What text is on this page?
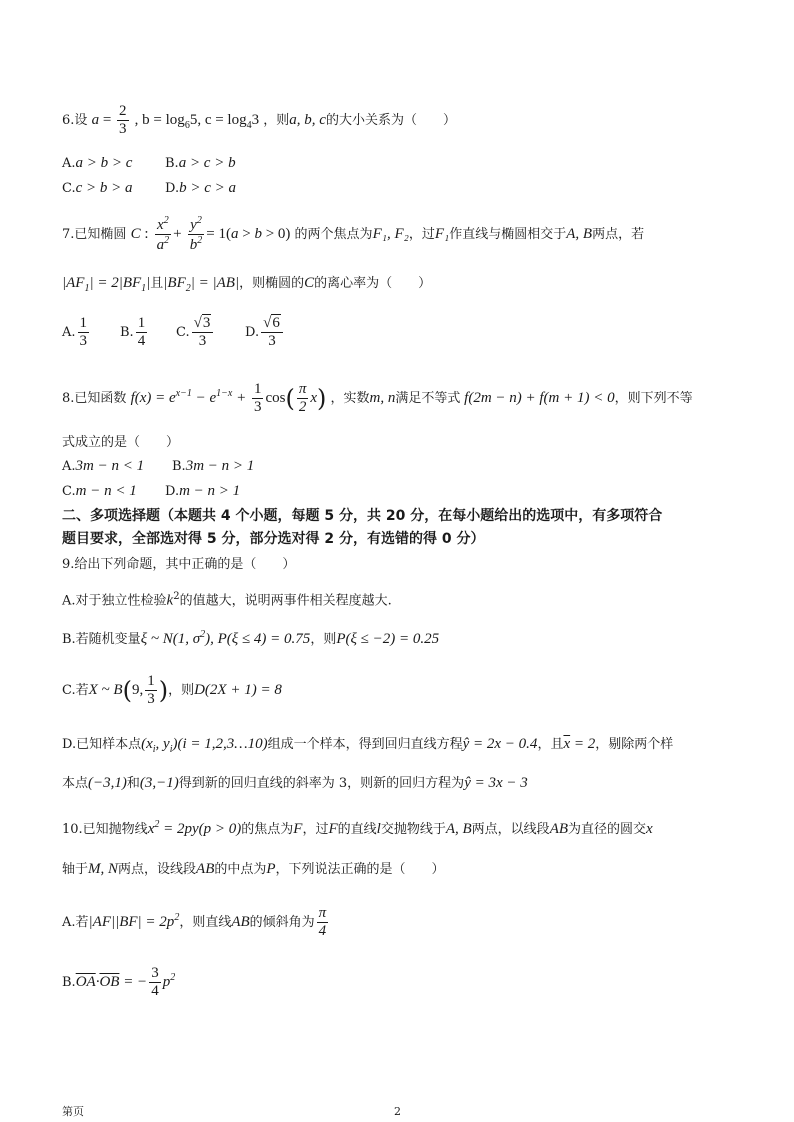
6.设 $a = \frac{2}{3}$ , $b = \log_65$, $c = \log_43$ ，则a, b, c的大小关系为（　　）
A.a > b > c	B.a > c > b
C.c > b > a D.b > c > a
7.已知椭圆 C : $\frac{x^2}{a^2} + \frac{y^2}{b^2} = 1(a > b > 0)$ 的两个焦点为F₁, F₂，过F₁作直线与椭圆相交于A, B两点，若
$|AF_1| = 2|BF_1|$且$|BF_2| = |AB|$，则椭圆的C的离心率为（　　）
A. $\frac{1}{3} B$. $\frac{1}{4} C$. $\frac{√3}{3} D$. $\frac{√6}{3}$
8.已知函数 $f(x) = e^{x-1} - e^{1-x} + \frac{1}{3} \cos( \frac{\pi}{2} x)$ ，实数m, n满足不等式 f(2m − n) + f(m + 1) < 0，则下列不等
式成立的是（　　）
A.3m − n < 1 B.3m − n > 1
C.m − n < 1 D.m − n > 1
二、多项选择题（本题共 4 个小题，每题 5 分，共 20 分，在每小题给出的选项中，有多项符合
题目要求，全部选对得 5 分，部分选对得 2 分，有选错的得 0 分）
9.给出下列命题，其中正确的是（　　）
A.对于独立性检验$k^2$的值越大，说明两事件相关程度越大.
B.若随机变量ξ ~ N(1, $\sigma^2$), P(ξ ≤ 4) = 0.75，则P(ξ ≤ −2) = 0.25
C.若X ~ B(9, $\frac{1}{3}$ )，则D(2X + 1) = 8
D.已知样本点($x_i$, $y_i)(i$ = 1,2,3…10)组成一个样本，得到回归直线方程ŷ = 2x − 0.4，且$\overline{x} = 2$，剔除两个样
本点(−3,1)和(3,−1)得到新的回归直线的斜率为 3，则新的回归方程为ŷ = 3x − 3
10.已知抛物线$x^2 = 2py(p > 0)$的焦点为F，过F的直线l交抛物线于A, B两点，以线段AB为直径的圆交x
轴于M, N两点，设线段AB的中点为P，下列说法正确的是（　　）
A.若$|AF||BF| = 2p^2$，则直线AB的倾斜角为 $\frac{\pi}{4}$
$B.\overline{OA}\cdot\overline{OB}$ = − $\frac{3}{4} p^2$
第页	2
